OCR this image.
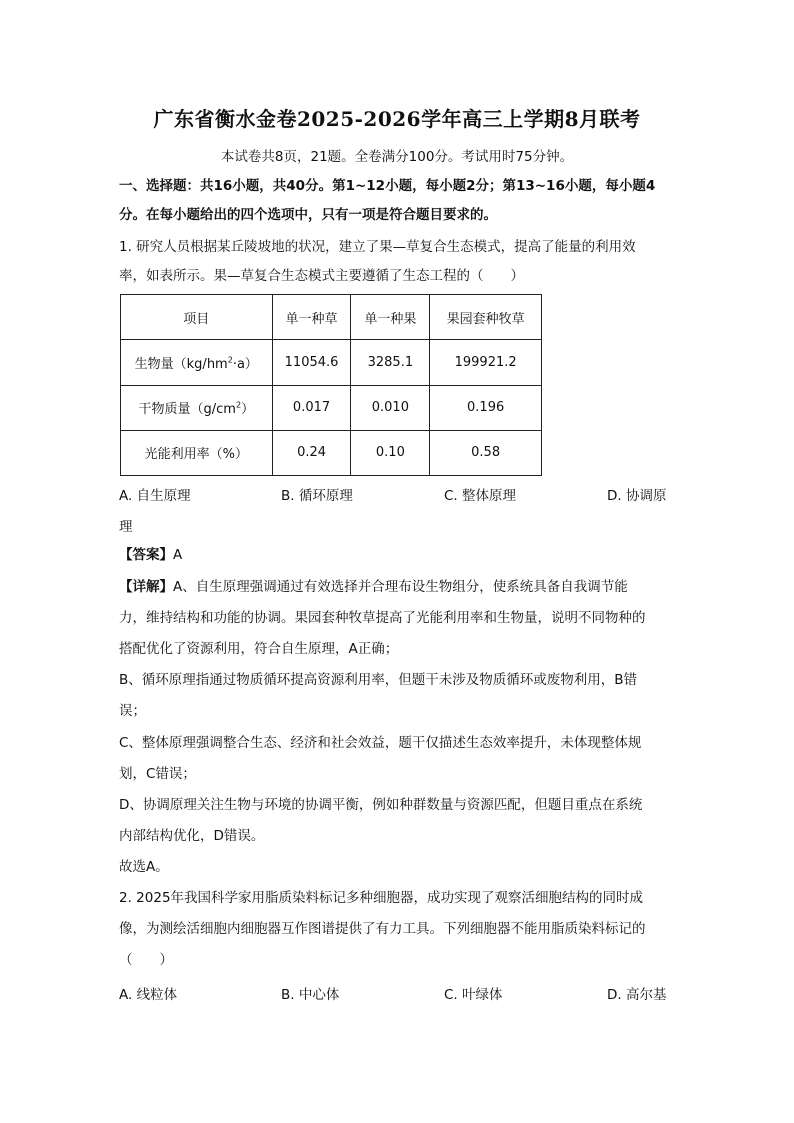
广东省衡水金卷2025-2026学年高三上学期8月联考
本试卷共8页，21题。全卷满分100分。考试用时75分钟。
一、选择题：共16小题，共40分。第1~12小题，每小题2分；第13~16小题，每小题4
分。在每小题给出的四个选项中，只有一项是符合题目要求的。
1. 研究人员根据某丘陵坡地的状况，建立了果—草复合生态模式，提高了能量的利用效
率，如表所示。果—草复合生态模式主要遵循了生态工程的（　　）
项目	单一种草	单一种果	果园套种牧草
生物量$(kg/hm^2\cdot a)$	11054.6	3285.1	199921.2
干物质量$(g/cm^2)$	0.017	0.010	0.196
光能利用率（%）	0.24	0.10	0.58
A. 自生原理	B. 循环原理	C. 整体原理	D. 协调原
理
【答案】A
【详解】A、自生原理强调通过有效选择并合理布设生物组分，使系统具备自我调节能
力，维持结构和功能的协调。果园套种牧草提高了光能利用率和生物量，说明不同物种的
搭配优化了资源利用，符合自生原理，A正确；
B、循环原理指通过物质循环提高资源利用率，但题干未涉及物质循环或废物利用，B错
误；
C、整体原理强调整合生态、经济和社会效益，题干仅描述生态效率提升，未体现整体规
划，C错误；
D、协调原理关注生物与环境的协调平衡，例如种群数量与资源匹配，但题目重点在系统
内部结构优化，D错误。
故选A。
2. 2025年我国科学家用脂质染料标记多种细胞器，成功实现了观察活细胞结构的同时成
像，为测绘活细胞内细胞器互作图谱提供了有力工具。下列细胞器不能用脂质染料标记的
（　　）
A. 线粒体	B. 中心体	C. 叶绿体	D. 高尔基
